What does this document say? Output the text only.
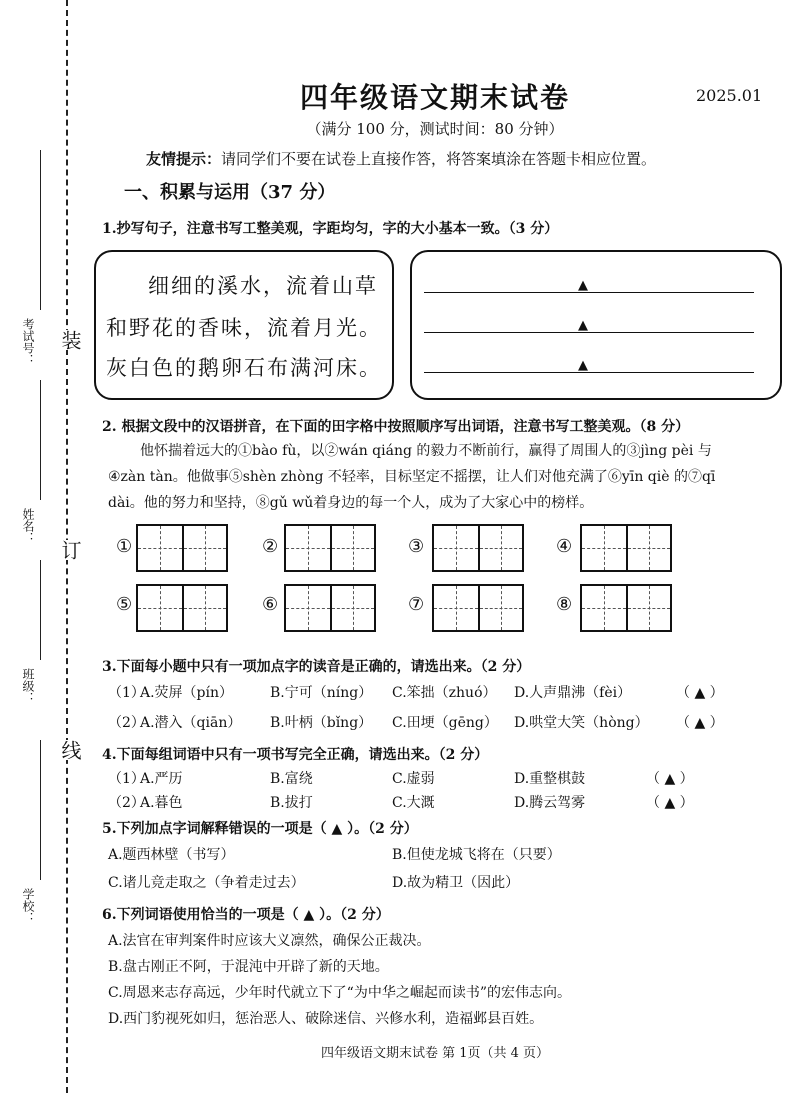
考试号：
姓名：
班级：
学校：
装
订
线
四年级语文期末试卷	2025.01
（满分 100 分，测试时间：80 分钟）
友情提示：请同学们不要在试卷上直接作答，将答案填涂在答题卡相应位置。
一、积累与运用（37 分）
1.抄写句子，注意书写工整美观，字距均匀，字的大小基本一致。（3 分）
细细的溪水，流着山草
和野花的香味，流着月光。
灰白色的鹅卵石布满河床。
▲
▲
▲
2. 根据文段中的汉语拼音，在下面的田字格中按照顺序写出词语，注意书写工整美观。（8 分）
他怀揣着远大的①bào fù，以②wán qiáng 的毅力不断前行，赢得了周围人的③jìng pèi 与
④zàn tàn。他做事⑤shèn zhòng 不轻率，目标坚定不摇摆，让人们对他充满了⑥yīn qiè 的⑦qī
dài。他的努力和坚持，⑧gǔ wǔ着身边的每一个人，成为了大家心中的榜样。
①	②	③	④
⑤	⑥	⑦	⑧
3.下面每小题中只有一项加点字的读音是正确的，请选出来。（2 分）
（1）
A.荧屏（pín）	B.宁可（níng） C.笨拙（zhuó） D.人声鼎沸（fèi）	（ ▲ ）
（2）
A.潜入（qiān） B.叶柄（bǐng） C.田埂（gēng） D.哄堂大笑（hòng） （ ▲ ）
4.下面每组词语中只有一项书写完全正确，请选出来。（2 分）
（1）
A.严历	B.富绕	C.虚弱	D.重整棋鼓	（ ▲ ）
（2）
A.暮色	B.拔打	C.大溉	D.腾云驾雾	（ ▲ ）
5.下列加点字词解释错误的一项是（ ▲ ）。（2 分）
A.题西林壁（书写）	B.但使龙城飞将在（只要）
C.诸儿竞走取之（争着走过去）	D.故为精卫（因此）
6.下列词语使用恰当的一项是（ ▲ ）。（2 分）
A.法官在审判案件时应该大义凛然，确保公正裁决。
B.盘古刚正不阿，于混沌中开辟了新的天地。
C.周恩来志存高远，少年时代就立下了“为中华之崛起而读书”的宏伟志向。
D.西门豹视死如归，惩治恶人、破除迷信、兴修水利，造福邺县百姓。
四年级语文期末试卷 第 1页（共 4 页）
